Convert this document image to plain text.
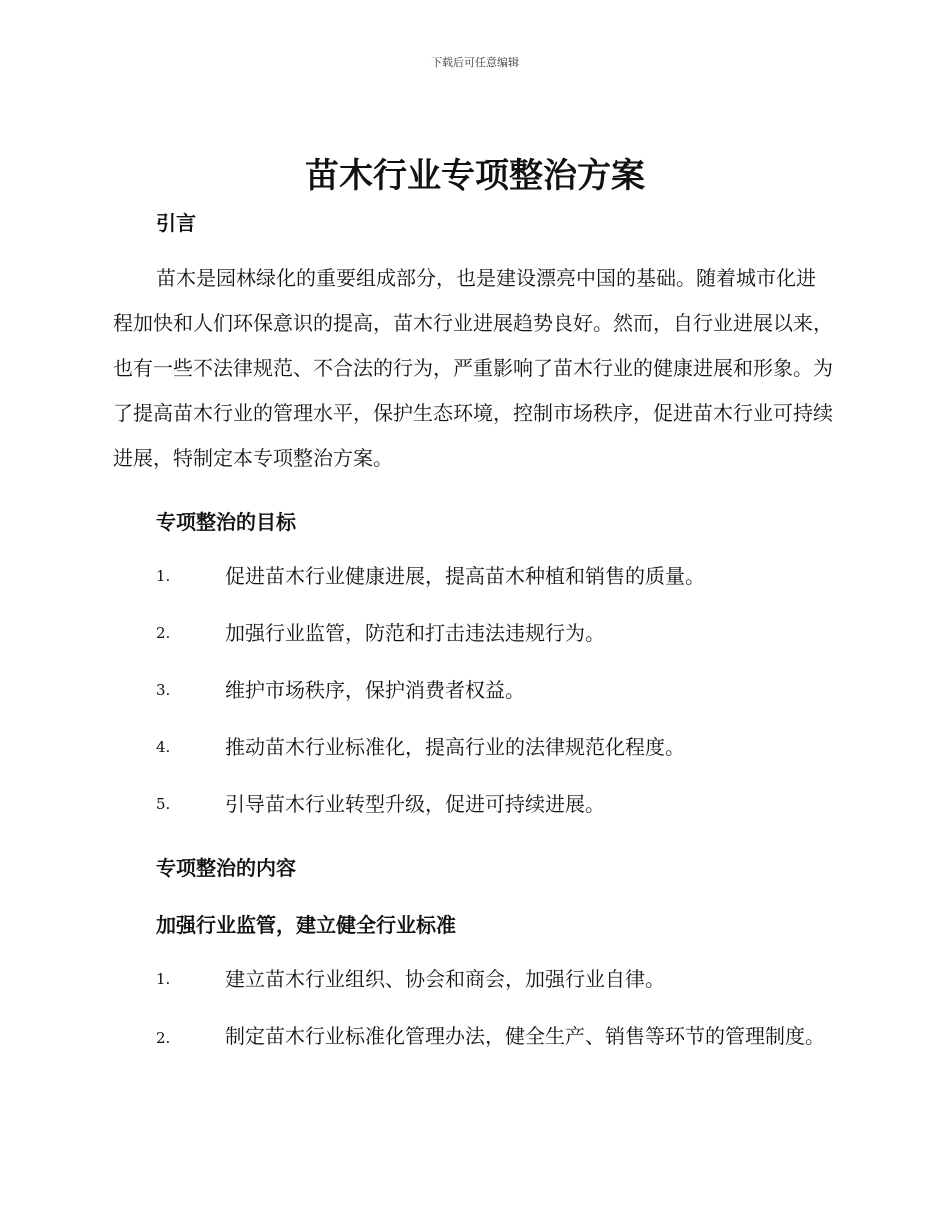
下载后可任意编辑
苗木行业专项整治方案

引言

苗木是园林绿化的重要组成部分，也是建设漂亮中国的基础。随着城市化进程加快和人们环保意识的提高，苗木行业进展趋势良好。然而，自行业进展以来，也有一些不法律规范、不合法的行为，严重影响了苗木行业的健康进展和形象。为了提高苗木行业的管理水平，保护生态环境，控制市场秩序，促进苗木行业可持续进展，特制定本专项整治方案。

专项整治的目标

1.	促进苗木行业健康进展，提高苗木种植和销售的质量。

2.	加强行业监管，防范和打击违法违规行为。

3.	维护市场秩序，保护消费者权益。

4.	推动苗木行业标准化，提高行业的法律规范化程度。

5.	引导苗木行业转型升级，促进可持续进展。

专项整治的内容

加强行业监管，建立健全行业标准

1.	建立苗木行业组织、协会和商会，加强行业自律。

2.	制定苗木行业标准化管理办法，健全生产、销售等环节的管理制度。
